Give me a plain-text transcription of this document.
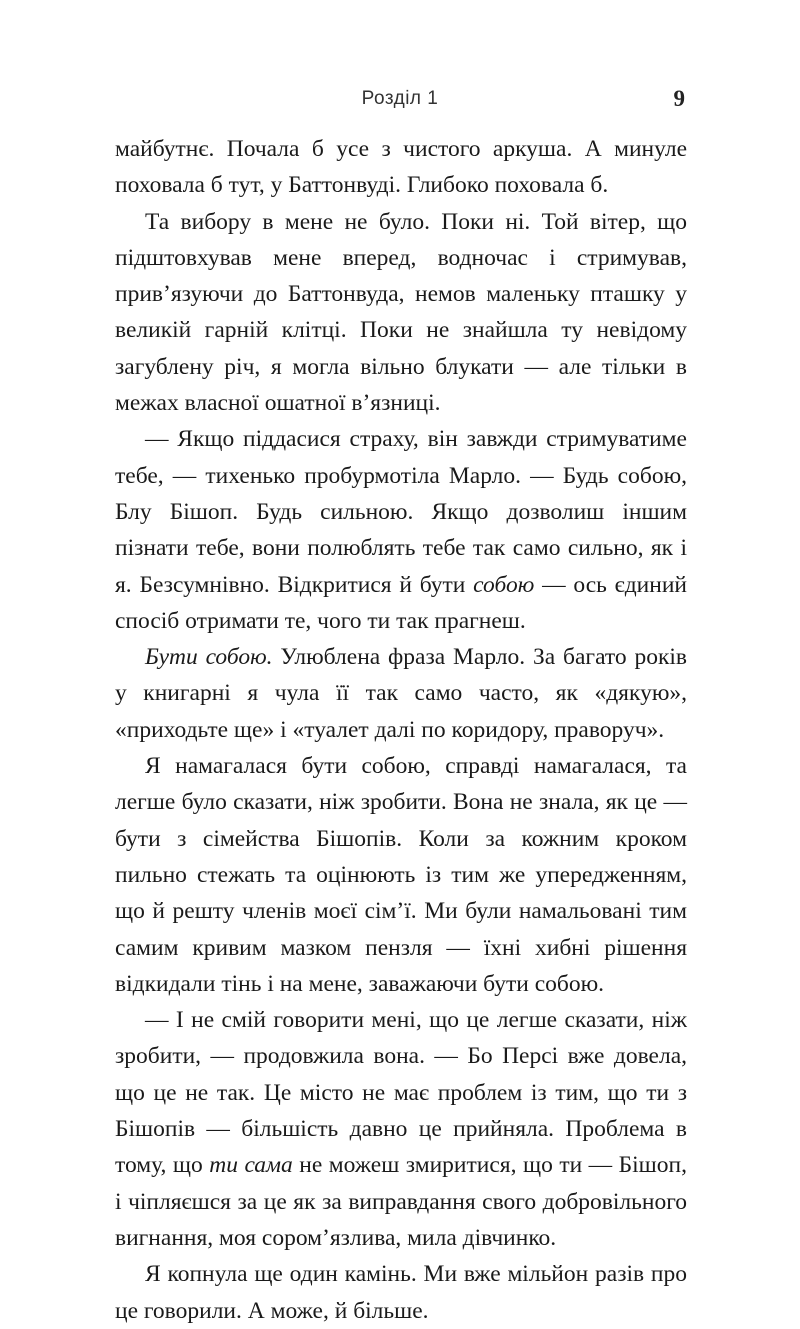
Розділ 1	9

майбутнє. Почала б усе з чистого аркуша. А минуле поховала б тут, у Баттонвуді. Глибоко поховала б.

Та вибору в мене не було. Поки ні. Той вітер, що підштовхував мене вперед, водночас і стримував, прив’язуючи до Баттонвуда, немов маленьку пташку у великій гарній клітці. Поки не знайшла ту невідому загублену річ, я могла вільно блукати — але тільки в межах власної ошатної в’язниці.

— Якщо піддасися страху, він завжди стримуватиме тебе, — тихенько пробурмотіла Марло. — Будь собою, Блу Бішоп. Будь сильною. Якщо дозволиш іншим пізнати тебе, вони полюблять тебе так само сильно, як і я. Безсумнівно. Відкритися й бути собою — ось єдиний спосіб отримати те, чого ти так прагнеш.

Бути собою. Улюблена фраза Марло. За багато років у книгарні я чула її так само часто, як «дякую», «приходьте ще» і «туалет далі по коридору, праворуч».

Я намагалася бути собою, справді намагалася, та легше було сказати, ніж зробити. Вона не знала, як це — бути з сімейства Бішопів. Коли за кожним кроком пильно стежать та оцінюють із тим же упередженням, що й решту членів моєї сім’ї. Ми були намальовані тим самим кривим мазком пензля — їхні хибні рішення відкидали тінь і на мене, заважаючи бути собою.

— І не смій говорити мені, що це легше сказати, ніж зробити, — продовжила вона. — Бо Персі вже довела, що це не так. Це місто не має проблем із тим, що ти з Бішопів — більшість давно це прийняла. Проблема в тому, що ти сама не можеш змиритися, що ти — Бішоп, і чіпляєшся за це як за виправдання свого добровільного вигнання, моя сором’язлива, мила дівчинко.

Я копнула ще один камінь. Ми вже мільйон разів про це говорили. А може, й більше.
